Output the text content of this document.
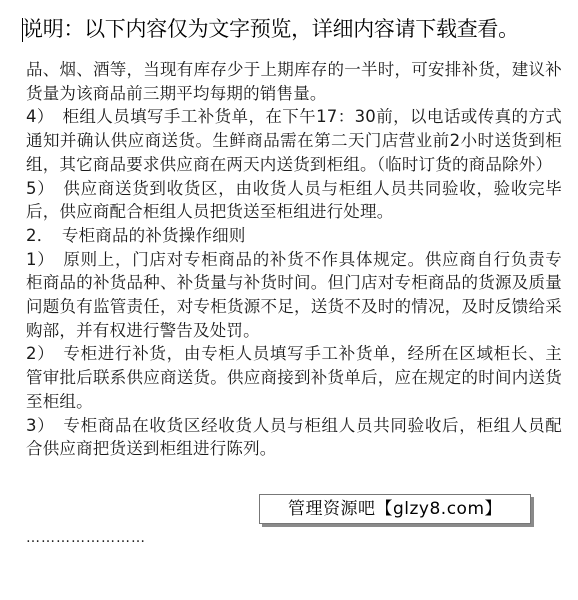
说明：以下内容仅为文字预览，详细内容请下载查看。

品、烟、酒等，当现有库存少于上期库存的一半时，可安排补货，建议补货量为该商品前三期平均每期的销售量。

4）　柜组人员填写手工补货单，在下午17：30前，以电话或传真的方式通知并确认供应商送货。生鲜商品需在第二天门店营业前2小时送货到柜组，其它商品要求供应商在两天内送货到柜组。（临时订货的商品除外）

5）　供应商送货到收货区，由收货人员与柜组人员共同验收，验收完毕后，供应商配合柜组人员把货送至柜组进行处理。

2．　专柜商品的补货操作细则

1）　原则上，门店对专柜商品的补货不作具体规定。供应商自行负责专柜商品的补货品种、补货量与补货时间。但门店对专柜商品的货源及质量问题负有监管责任，对专柜货源不足，送货不及时的情况，及时反馈给采购部，并有权进行警告及处罚。

2）　专柜进行补货，由专柜人员填写手工补货单，经所在区域柜长、主管审批后联系供应商送货。供应商接到补货单后，应在规定的时间内送货至柜组。

3）　专柜商品在收货区经收货人员与柜组人员共同验收后，柜组人员配合供应商把货送到柜组进行陈列。

……………………
管理资源吧【glzy8.com】
